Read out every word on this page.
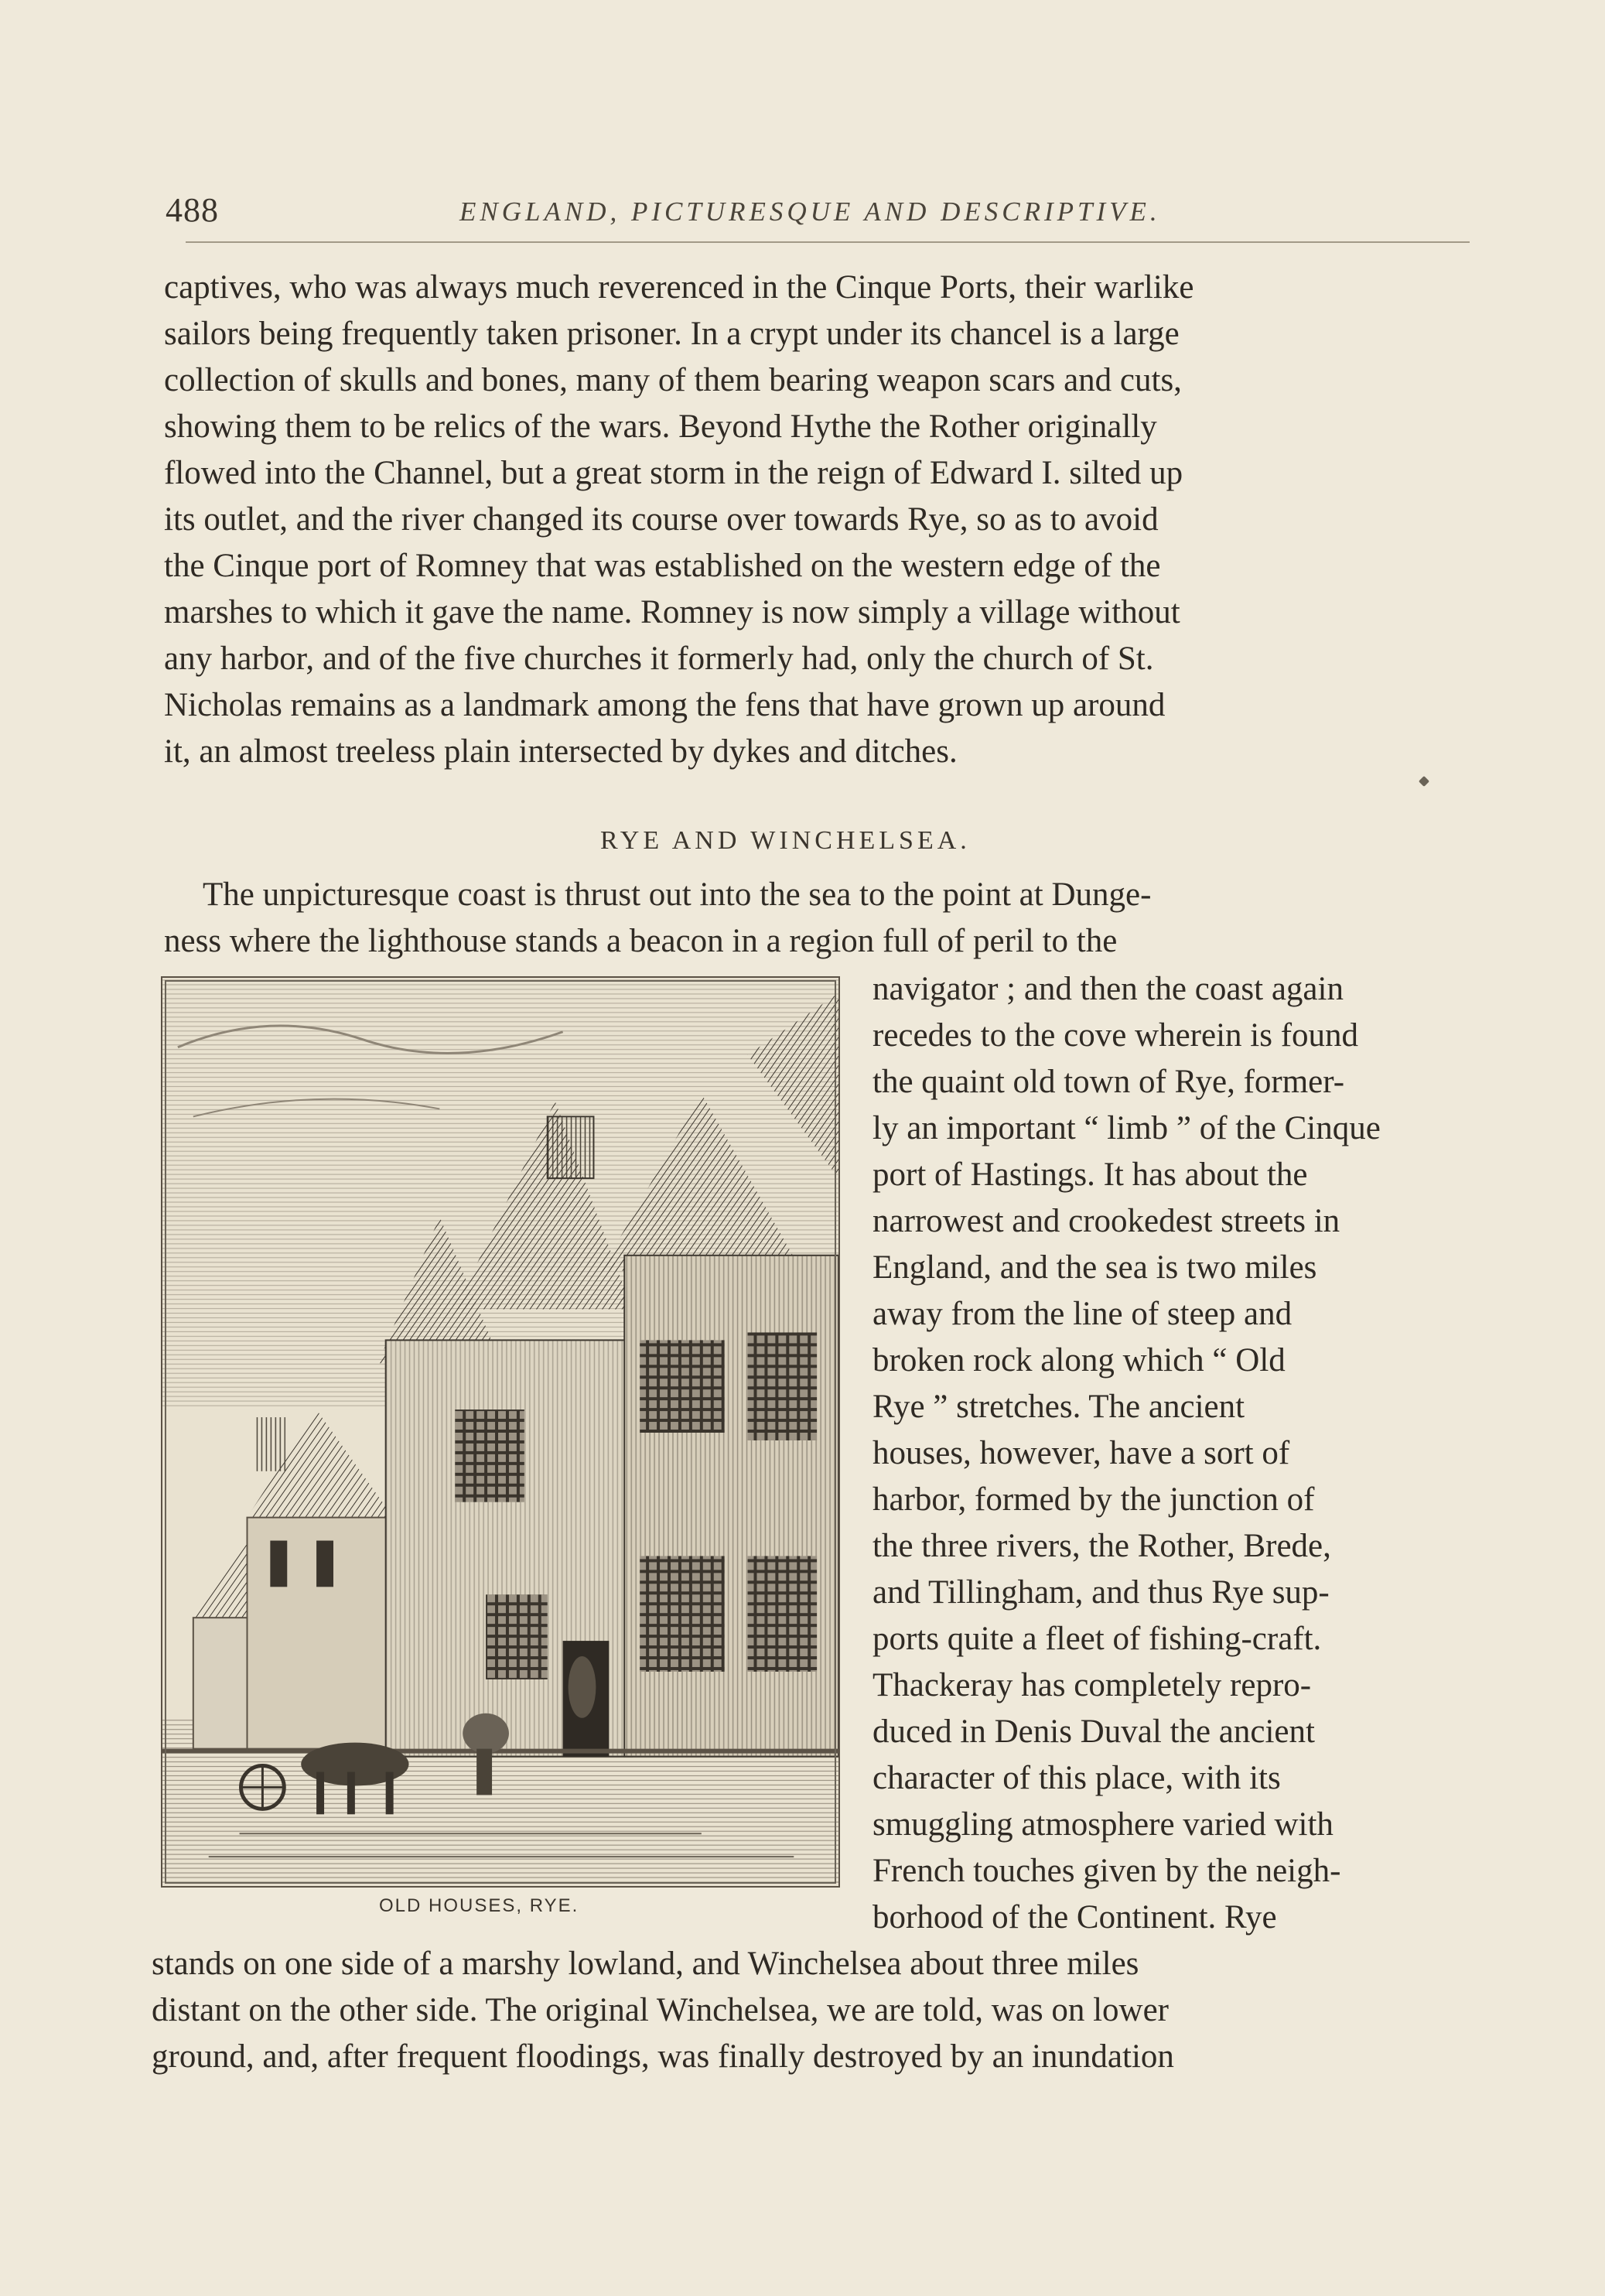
488	ENGLAND, PICTURESQUE AND DESCRIPTIVE.
captives, who was always much reverenced in the Cinque Ports, their warlike
sailors being frequently taken prisoner. In a crypt under its chancel is a large
collection of skulls and bones, many of them bearing weapon scars and cuts,
showing them to be relics of the wars. Beyond Hythe the Rother originally
flowed into the Channel, but a great storm in the reign of Edward I. silted up
its outlet, and the river changed its course over towards Rye, so as to avoid
the Cinque port of Romney that was established on the western edge of the
marshes to which it gave the name. Romney is now simply a village without
any harbor, and of the five churches it formerly had, only the church of St.
Nicholas remains as a landmark among the fens that have grown up around
it, an almost treeless plain intersected by dykes and ditches.
RYE AND WINCHELSEA.
The unpicturesque coast is thrust out into the sea to the point at Dunge-
ness where the lighthouse stands a beacon in a region full of peril to the
OLD HOUSES, RYE.
navigator ; and then the coast again
recedes to the cove wherein is found
the quaint old town of Rye, former-
ly an important “ limb ” of the Cinque
port of Hastings. It has about the
narrowest and crookedest streets in
England, and the sea is two miles
away from the line of steep and
broken rock along which “ Old
Rye ” stretches. The ancient
houses, however, have a sort of
harbor, formed by the junction of
the three rivers, the Rother, Brede,
and Tillingham, and thus Rye sup-
ports quite a fleet of fishing-craft.
Thackeray has completely repro-
duced in Denis Duval the ancient
character of this place, with its
smuggling atmosphere varied with
French touches given by the neigh-
borhood of the Continent. Rye
stands on one side of a marshy lowland, and Winchelsea about three miles
distant on the other side. The original Winchelsea, we are told, was on lower
ground, and, after frequent floodings, was finally destroyed by an inundation
